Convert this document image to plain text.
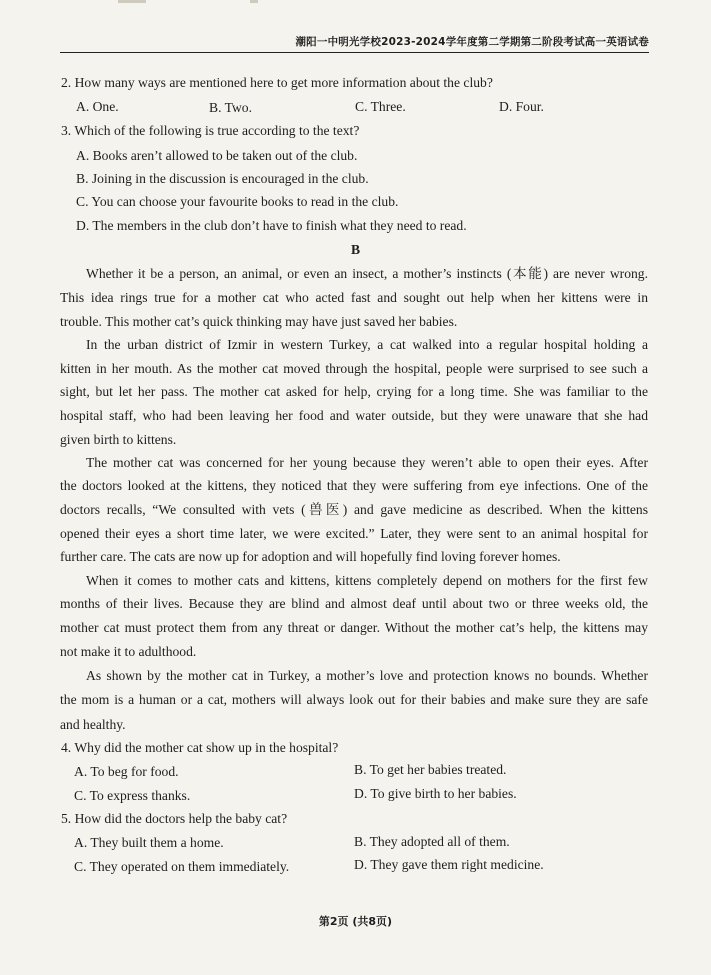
潮阳一中明光学校2023-2024学年度第二学期第二阶段考试高一英语试卷
2. How many ways are mentioned here to get more information about the club?
A. One.	B. Two.	C. Three.	D. Four.
3. Which of the following is true according to the text?
A. Books aren’t allowed to be taken out of the club.
B. Joining in the discussion is encouraged in the club.
C. You can choose your favourite books to read in the club.
D. The members in the club don’t have to finish what they need to read.
B
Whether it be a person, an animal, or even an insect, a mother’s instincts (本能) are never wrong.
This idea rings true for a mother cat who acted fast and sought out help when her kittens were in
trouble. This mother cat’s quick thinking may have just saved her babies.
In the urban district of Izmir in western Turkey, a cat walked into a regular hospital holding a
kitten in her mouth. As the mother cat moved through the hospital, people were surprised to see such a
sight, but let her pass. The mother cat asked for help, crying for a long time. She was familiar to the
hospital staff, who had been leaving her food and water outside, but they were unaware that she had
given birth to kittens.
The mother cat was concerned for her young because they weren’t able to open their eyes. After
the doctors looked at the kittens, they noticed that they were suffering from eye infections. One of the
doctors recalls, “We consulted with vets (兽医) and gave medicine as described. When the kittens
opened their eyes a short time later, we were excited.” Later, they were sent to an animal hospital for
further care. The cats are now up for adoption and will hopefully find loving forever homes.
When it comes to mother cats and kittens, kittens completely depend on mothers for the first few
months of their lives. Because they are blind and almost deaf until about two or three weeks old, the
mother cat must protect them from any threat or danger. Without the mother cat’s help, the kittens may
not make it to adulthood.
As shown by the mother cat in Turkey, a mother’s love and protection knows no bounds. Whether
the mom is a human or a cat, mothers will always look out for their babies and make sure they are safe
and healthy.
4. Why did the mother cat show up in the hospital?
A. To beg for food.	B. To get her babies treated.
C. To express thanks.	D. To give birth to her babies.
5. How did the doctors help the baby cat?
A. They built them a home.	B. They adopted all of them.
C. They operated on them immediately.	D. They gave them right medicine.
第2页 (共8页)
